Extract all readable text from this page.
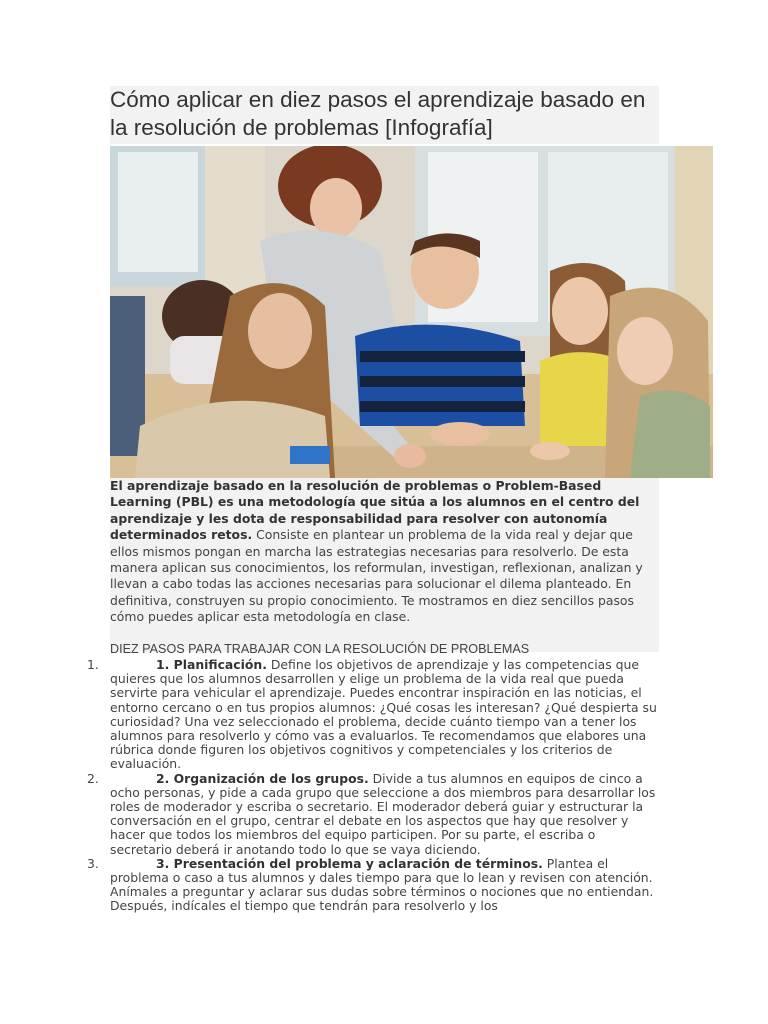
Cómo aplicar en diez pasos el aprendizaje basado en la resolución de problemas [Infografía]

El aprendizaje basado en la resolución de problemas o Problem-Based Learning (PBL) es una metodología que sitúa a los alumnos en el centro del aprendizaje y les dota de responsabilidad para resolver con autonomía determinados retos. Consiste en plantear un problema de la vida real y dejar que ellos mismos pongan en marcha las estrategias necesarias para resolverlo. De esta manera aplican sus conocimientos, los reformulan, investigan, reflexionan, analizan y llevan a cabo todas las acciones necesarias para solucionar el dilema planteado. En definitiva, construyen su propio conocimiento. Te mostramos en diez sencillos pasos cómo puedes aplicar esta metodología en clase.

DIEZ PASOS PARA TRABAJAR CON LA RESOLUCIÓN DE PROBLEMAS

1.	1. Planificación. Define los objetivos de aprendizaje y las competencias que quieres que los alumnos desarrollen y elige un problema de la vida real que pueda servirte para vehicular el aprendizaje. Puedes encontrar inspiración en las noticias, el entorno cercano o en tus propios alumnos: ¿Qué cosas les interesan? ¿Qué despierta su curiosidad? Una vez seleccionado el problema, decide cuánto tiempo van a tener los alumnos para resolverlo y cómo vas a evaluarlos. Te recomendamos que elabores una rúbrica donde figuren los objetivos cognitivos y competenciales y los criterios de evaluación.
2.	2. Organización de los grupos. Divide a tus alumnos en equipos de cinco a ocho personas, y pide a cada grupo que seleccione a dos miembros para desarrollar los roles de moderador y escriba o secretario. El moderador deberá guiar y estructurar la conversación en el grupo, centrar el debate en los aspectos que hay que resolver y hacer que todos los miembros del equipo participen. Por su parte, el escriba o secretario deberá ir anotando todo lo que se vaya diciendo.
3.	3. Presentación del problema y aclaración de términos. Plantea el problema o caso a tus alumnos y dales tiempo para que lo lean y revisen con atención. Anímales a preguntar y aclarar sus dudas sobre términos o nociones que no entiendan. Después, indícales el tiempo que tendrán para resolverlo y los
